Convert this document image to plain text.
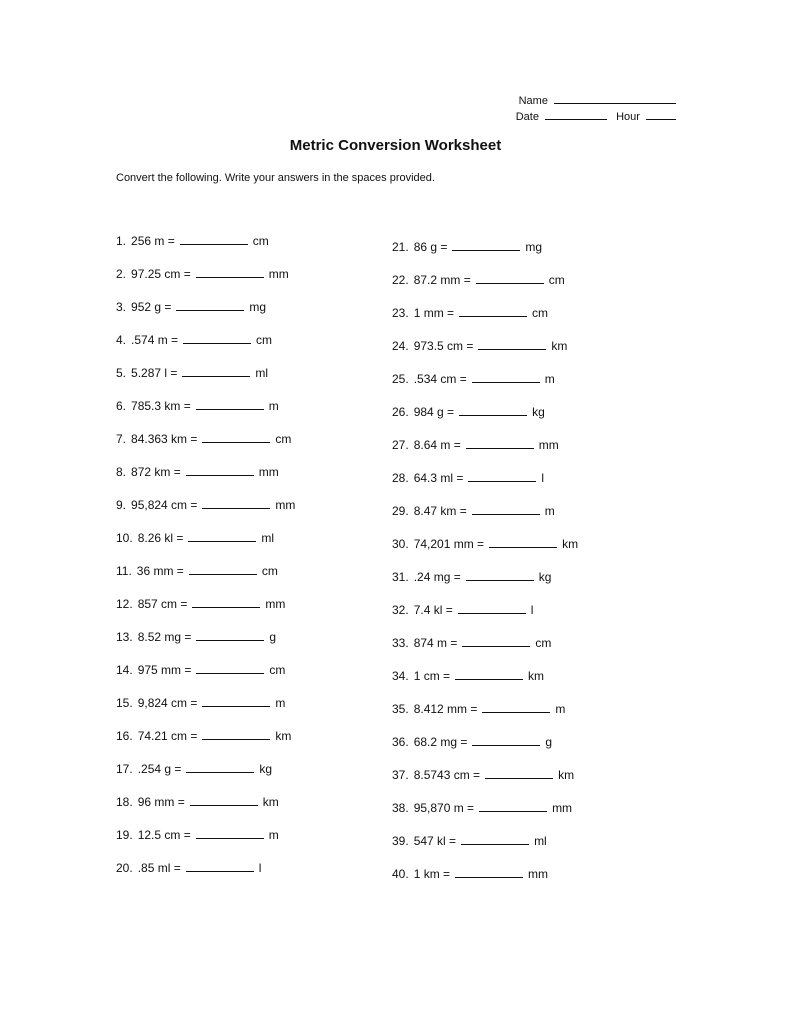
Name
Date	Hour
Metric Conversion Worksheet
Convert the following. Write your answers in the spaces provided.
1. 256 m =	cm
2. 97.25 cm =	mm
3. 952 g =	mg
4. .574 m =	cm
5. 5.287 l =	ml
6. 785.3 km =	m
7. 84.363 km =	cm
8. 872 km =	mm
9. 95,824 cm =	mm
10. 8.26 kl =	ml
11. 36 mm =	cm
12. 857 cm =	mm
13. 8.52 mg =	g
14. 975 mm =	cm
15. 9,824 cm =	m
16. 74.21 cm =	km
17. .254 g =	kg
18. 96 mm =	km
19. 12.5 cm =	m
20. .85 ml =	l
21. 86 g =	mg
22. 87.2 mm =	cm
23. 1 mm =	cm
24. 973.5 cm =	km
25. .534 cm =	m
26. 984 g =	kg
27. 8.64 m =	mm
28. 64.3 ml =	l
29. 8.47 km =	m
30. 74,201 mm =	km
31. .24 mg =	kg
32. 7.4 kl =	l
33. 874 m =	cm
34. 1 cm =	km
35. 8.412 mm =	m
36. 68.2 mg =	g
37. 8.5743 cm =	km
38. 95,870 m =	mm
39. 547 kl =	ml
40. 1 km =	mm
